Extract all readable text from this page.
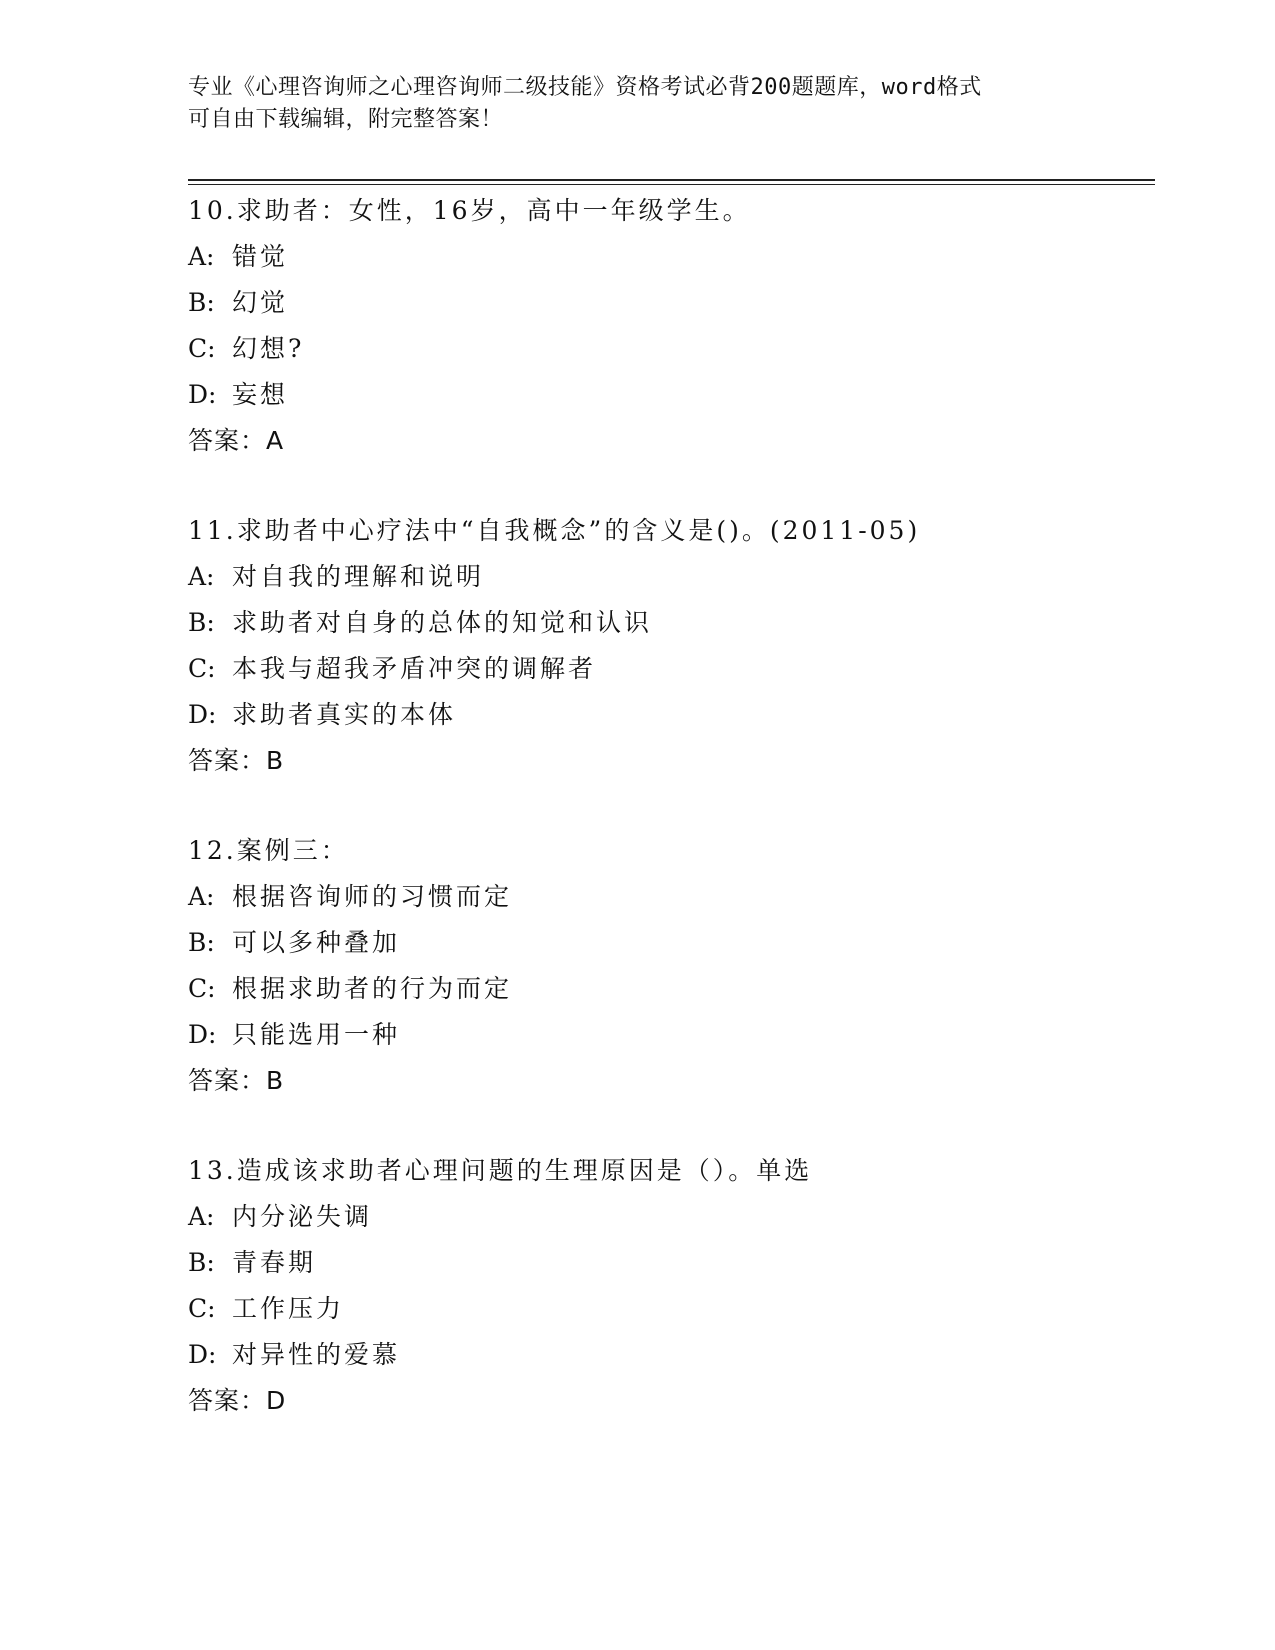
专业《心理咨询师之心理咨询师二级技能》资格考试必背200题题库，word格式
可自由下载编辑，附完整答案！
10.求助者：女性，16岁，高中一年级学生。
A: 错觉
B: 幻觉
C: 幻想?
D: 妄想
答案：A
11.求助者中心疗法中“自我概念”的含义是()。(2011-05)
A: 对自我的理解和说明
B: 求助者对自身的总体的知觉和认识
C: 本我与超我矛盾冲突的调解者
D: 求助者真实的本体
答案：B
12.案例三：
A: 根据咨询师的习惯而定
B: 可以多种叠加
C: 根据求助者的行为而定
D: 只能选用一种
答案：B
13.造成该求助者心理问题的生理原因是（）。单选
A: 内分泌失调
B: 青春期
C: 工作压力
D: 对异性的爱慕
答案：D
